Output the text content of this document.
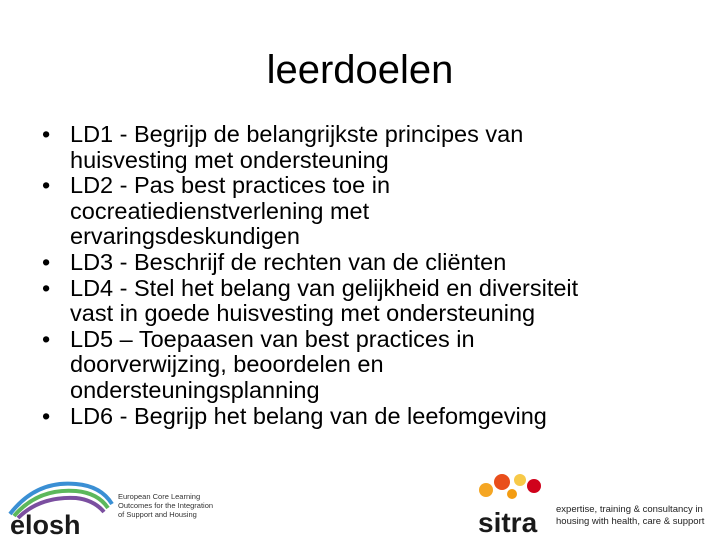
leerdoelen
• LD1 - Begrijp de belangrijkste principes van
huisvesting met ondersteuning
• LD2 - Pas best practices toe in
cocreatiedienstverlening met
ervaringsdeskundigen
• LD3 - Beschrijf de rechten van de cliënten
• LD4 - Stel het belang van gelijkheid en diversiteit
vast in goede huisvesting met ondersteuning
• LD5 – Toepaasen van best practices in
doorverwijzing, beoordelen en
ondersteuningsplanning
• LD6 - Begrijp het belang van de leefomgeving
elosh
European Core Learning
Outcomes for the Integration
of Support and Housing	sitra expertise, training & consultancy in
housing with health, care & support
